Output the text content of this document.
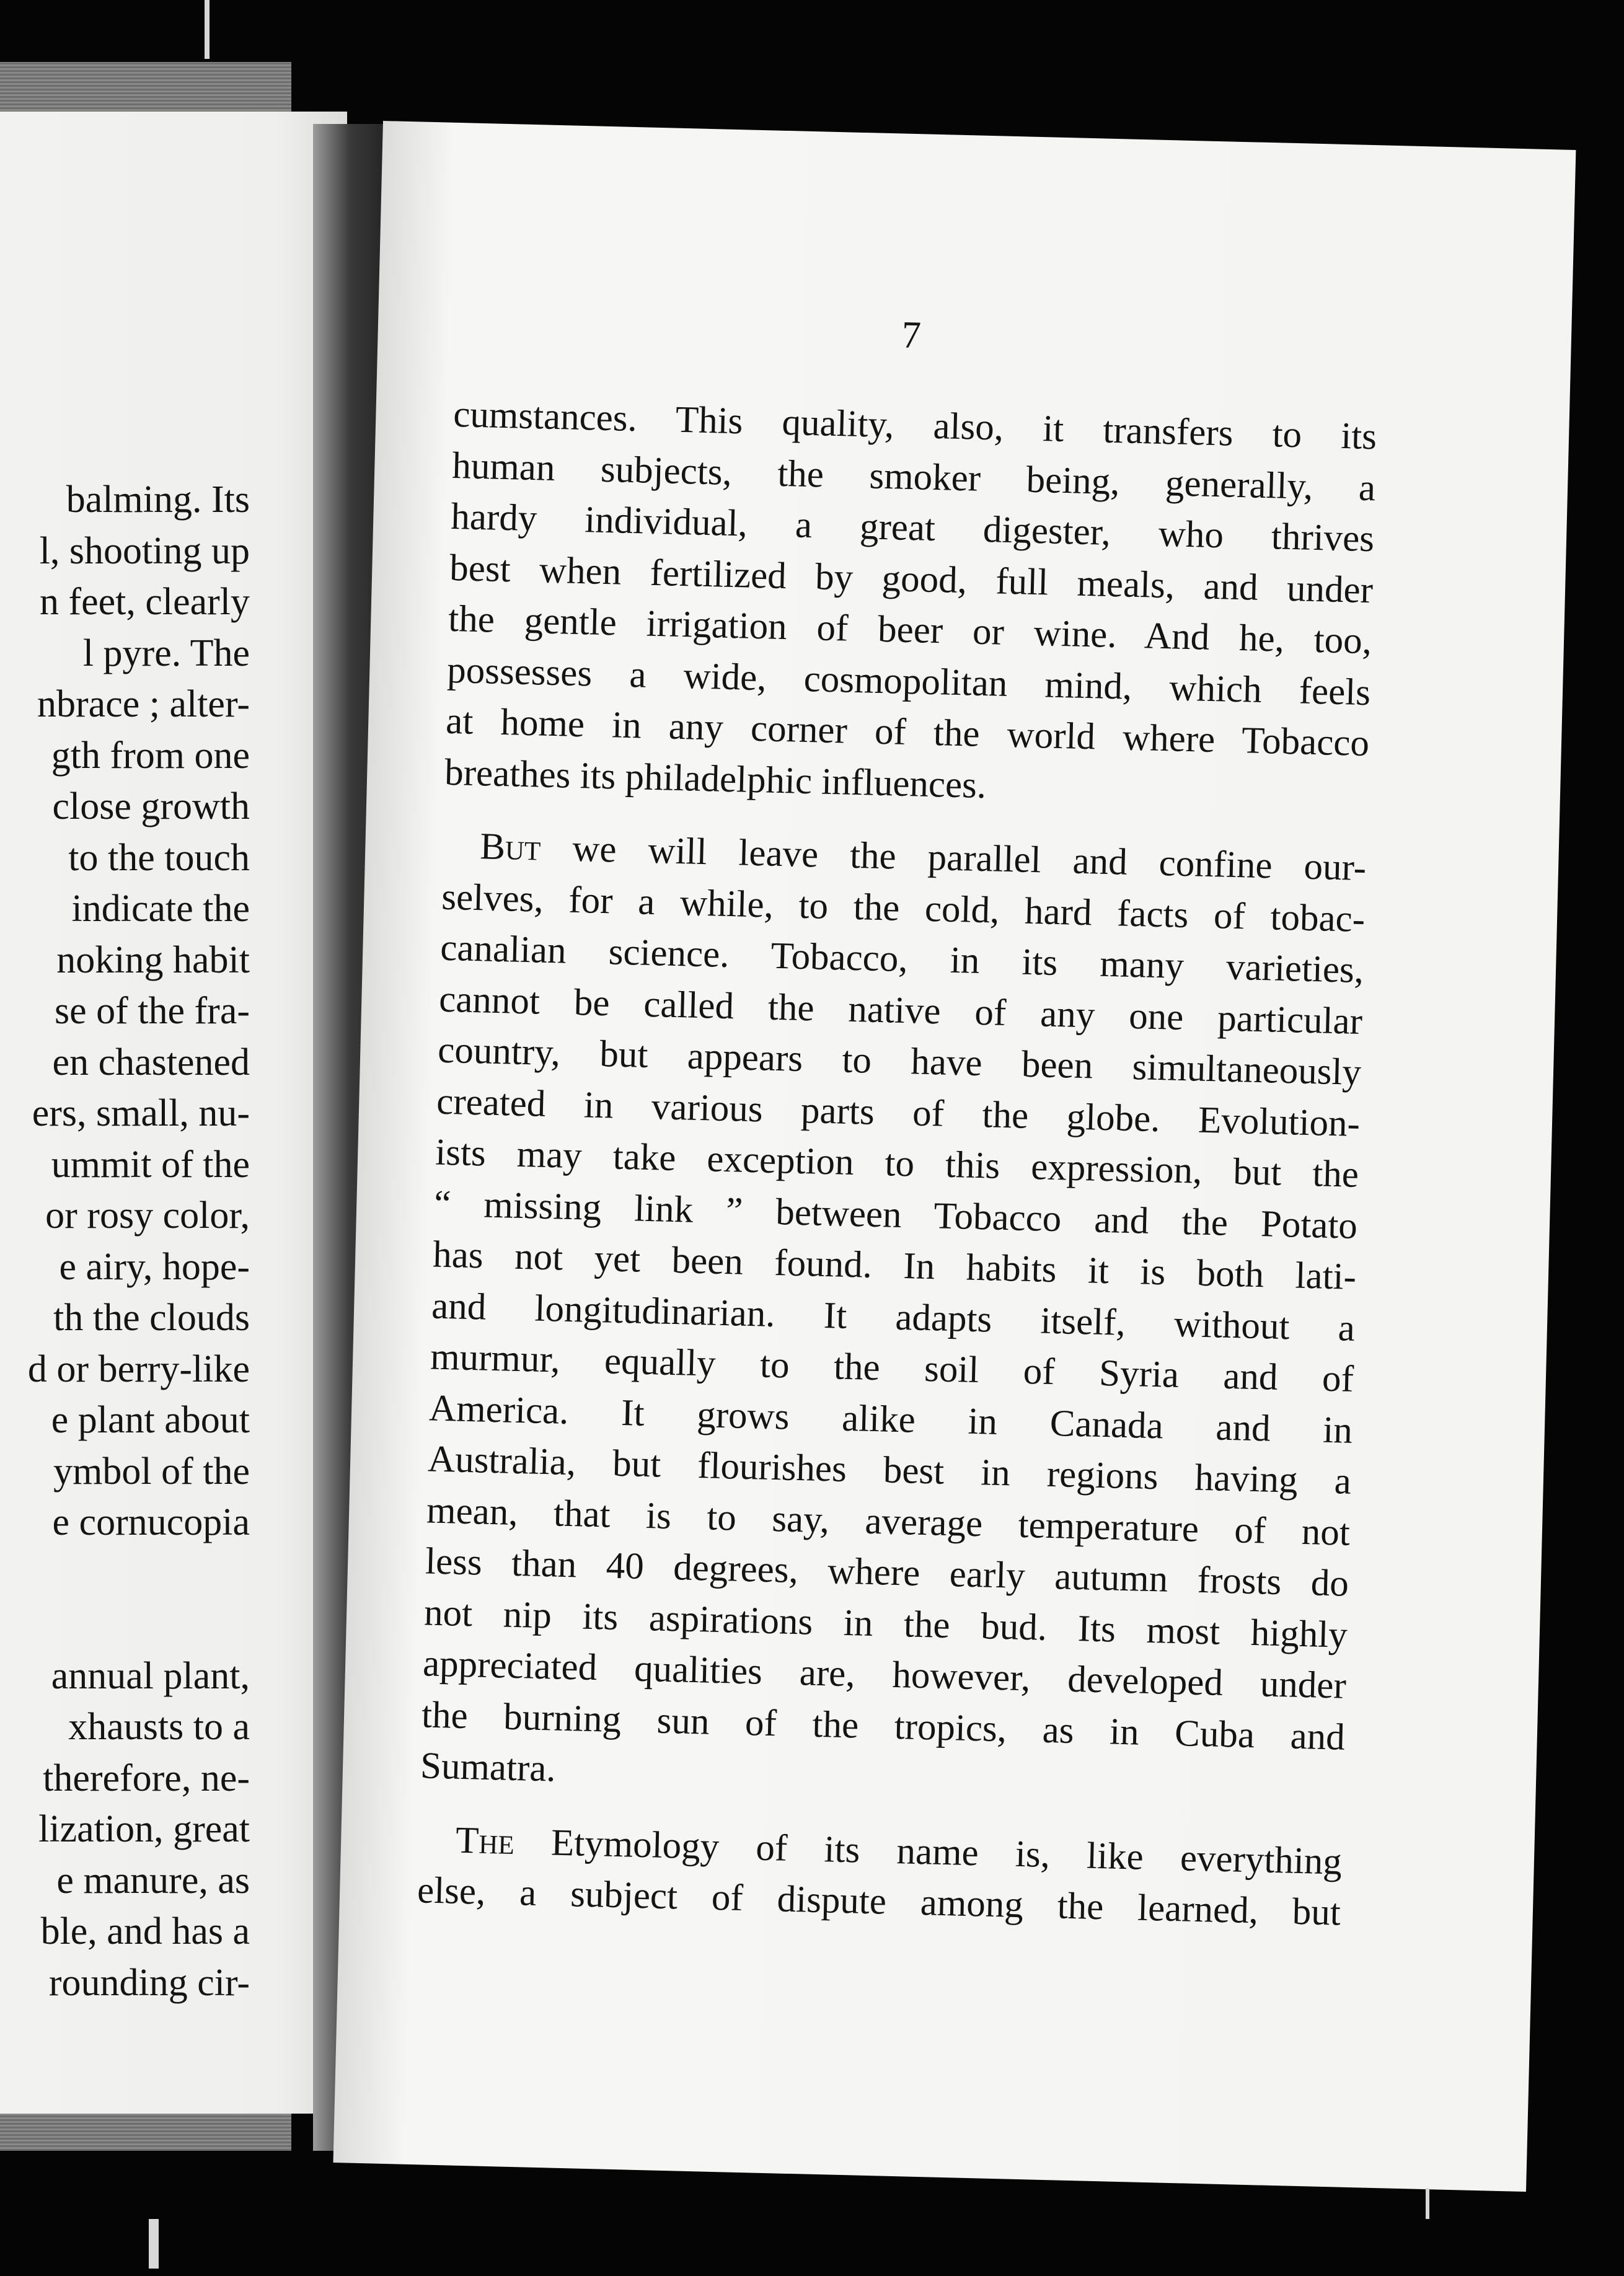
balming. Its
l, shooting up
n feet, clearly
l pyre. The
nbrace ; alter-
gth from one
close growth
to the touch
indicate the
noking habit
se of the fra-
en chastened
ers, small, nu-
ummit of the
or rosy color,
e airy, hope-
th the clouds
d or berry-like
e plant about
ymbol of the
e cornucopia
annual plant,
xhausts to a
therefore, ne-
lization, great
e manure, as
ble, and has a
rounding cir-
7
cumstances. This quality, also, it transfers to its
human subjects, the smoker being, generally, a
hardy individual, a great digester, who thrives
best when fertilized by good, full meals, and under
the gentle irrigation of beer or wine. And he, too,
possesses a wide, cosmopolitan mind, which feels
at home in any corner of the world where Tobacco
breathes its philadelphic influences.
But we will leave the parallel and confine our-
selves, for a while, to the cold, hard facts of tobac-
canalian science. Tobacco, in its many varieties,
cannot be called the native of any one particular
country, but appears to have been simultaneously
created in various parts of the globe. Evolution-
ists may take exception to this expression, but the
“ missing link ” between Tobacco and the Potato
has not yet been found. In habits it is both lati-
and longitudinarian. It adapts itself, without a
murmur, equally to the soil of Syria and of
America. It grows alike in Canada and in
Australia, but flourishes best in regions having a
mean, that is to say, average temperature of not
less than 40 degrees, where early autumn frosts do
not nip its aspirations in the bud. Its most highly
appreciated qualities are, however, developed under
the burning sun of the tropics, as in Cuba and
Sumatra.
The Etymology of its name is, like everything
else, a subject of dispute among the learned, but
